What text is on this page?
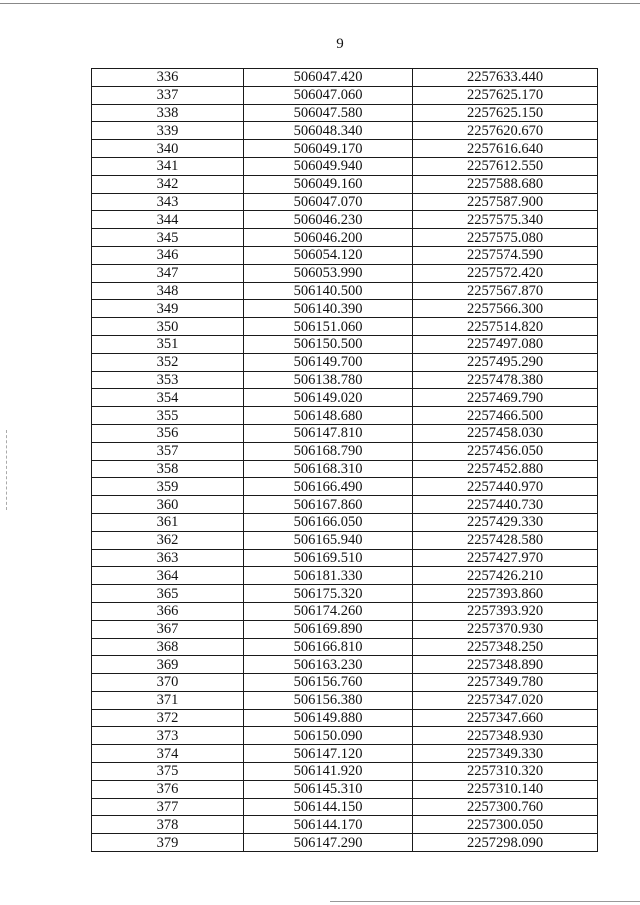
9
336	506047.420	2257633.440
337	506047.060	2257625.170
338	506047.580	2257625.150
339	506048.340	2257620.670
340	506049.170	2257616.640
341	506049.940	2257612.550
342	506049.160	2257588.680
343	506047.070	2257587.900
344	506046.230	2257575.340
345	506046.200	2257575.080
346	506054.120	2257574.590
347	506053.990	2257572.420
348	506140.500	2257567.870
349	506140.390	2257566.300
350	506151.060	2257514.820
351	506150.500	2257497.080
352	506149.700	2257495.290
353	506138.780	2257478.380
354	506149.020	2257469.790
355	506148.680	2257466.500
356	506147.810	2257458.030
357	506168.790	2257456.050
358	506168.310	2257452.880
359	506166.490	2257440.970
360	506167.860	2257440.730
361	506166.050	2257429.330
362	506165.940	2257428.580
363	506169.510	2257427.970
364	506181.330	2257426.210
365	506175.320	2257393.860
366	506174.260	2257393.920
367	506169.890	2257370.930
368	506166.810	2257348.250
369	506163.230	2257348.890
370	506156.760	2257349.780
371	506156.380	2257347.020
372	506149.880	2257347.660
373	506150.090	2257348.930
374	506147.120	2257349.330
375	506141.920	2257310.320
376	506145.310	2257310.140
377	506144.150	2257300.760
378	506144.170	2257300.050
379	506147.290	2257298.090
